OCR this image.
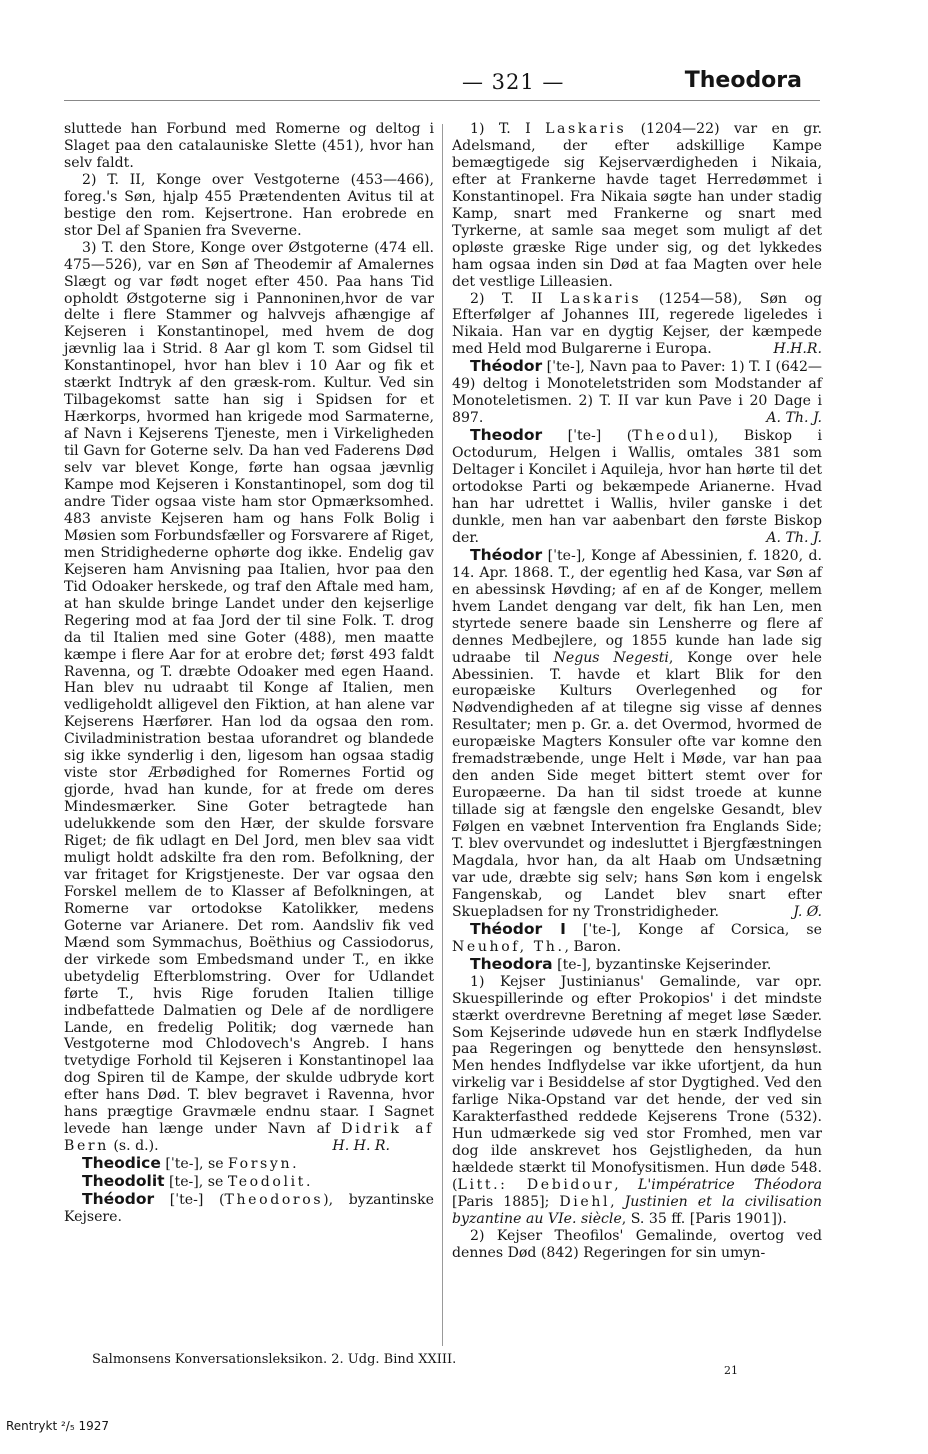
— 321 —	Theodora

sluttede han Forbund med Romerne og deltog i Slaget paa den catalauniske Slette (451), hvor han selv faldt.

2) T. II, Konge over Vestgoterne (453—466), foreg.'s Søn, hjalp 455 Prætendenten Avitus til at bestige den rom. Kejsertrone. Han erobrede en stor Del af Spanien fra Sveverne.

3) T. den Store, Konge over Østgoterne (474 ell. 475—526), var en Søn af Theodemir af Amalernes Slægt og var født noget efter 450. Paa hans Tid opholdt Østgoterne sig i Pannoninen,hvor de var delte i flere Stammer og halvvejs afhængige af Kejseren i Konstantinopel, med hvem de dog jævnlig laa i Strid. 8 Aar gl kom T. som Gidsel til Konstantinopel, hvor han blev i 10 Aar og fik et stærkt Indtryk af den græsk-rom. Kultur. Ved sin Tilbagekomst satte han sig i Spidsen for et Hærkorps, hvormed han krigede mod Sarmaterne, af Navn i Kejserens Tjeneste, men i Virkeligheden til Gavn for Goterne selv. Da han ved Faderens Død selv var blevet Konge, førte han ogsaa jævnlig Kampe mod Kejseren i Konstantinopel, som dog til andre Tider ogsaa viste ham stor Opmærksomhed. 483 anviste Kejseren ham og hans Folk Bolig i Møsien som Forbundsfæller og Forsvarere af Riget, men Stridighederne ophørte dog ikke. Endelig gav Kejseren ham Anvisning paa Italien, hvor paa den Tid Odoaker herskede, og traf den Aftale med ham, at han skulde bringe Landet under den kejserlige Regering mod at faa Jord der til sine Folk. T. drog da til Italien med sine Goter (488), men maatte kæmpe i flere Aar for at erobre det; først 493 faldt Ravenna, og T. dræbte Odoaker med egen Haand. Han blev nu udraabt til Konge af Italien, men vedligeholdt alligevel den Fiktion, at han alene var Kejserens Hærfører. Han lod da ogsaa den rom. Civiladministration bestaa uforandret og blandede sig ikke synderlig i den, ligesom han ogsaa stadig viste stor Ærbødighed for Romernes Fortid og gjorde, hvad han kunde, for at frede om deres Mindesmærker. Sine Goter betragtede han udelukkende som den Hær, der skulde forsvare Riget; de fik udlagt en Del Jord, men blev saa vidt muligt holdt adskilte fra den rom. Befolkning, der var fritaget for Krigstjeneste. Der var ogsaa den Forskel mellem de to Klasser af Befolkningen, at Romerne var ortodokse Katolikker, medens Goterne var Arianere. Det rom. Aandsliv fik ved Mænd som Symmachus, Boëthius og Cassiodorus, der virkede som Embedsmand under T., en ikke ubetydelig Efterblomstring. Over for Udlandet førte T., hvis Rige foruden Italien tillige indbefattede Dalmatien og Dele af de nordligere Lande, en fredelig Politik; dog værnede han Vestgoterne mod Chlodovech's Angreb. I hans tvetydige Forhold til Kejseren i Konstantinopel laa dog Spiren til de Kampe, der skulde udbryde kort efter hans Død. T. blev begravet i Ravenna, hvor hans prægtige Gravmæle endnu staar. I Sagnet levede han længe under Navn af Didrik af Bern (s. d.).	H. H. R.

Theodice [ˈte-], se Forsyn.

Theodolit [te-], se Teodolit.

Théodor [ˈte-] (Theodoros), byzantinske Kejsere.

1) T. I Laskaris (1204—22) var en gr. Adelsmand, der efter adskillige Kampe bemægtigede sig Kejserværdigheden i Nikaia, efter at Frankerne havde taget Herredømmet i Konstantinopel. Fra Nikaia søgte han under stadig Kamp, snart med Frankerne og snart med Tyrkerne, at samle saa meget som muligt af det opløste græske Rige under sig, og det lykkedes ham ogsaa inden sin Død at faa Magten over hele det vestlige Lilleasien.

2) T. II Laskaris (1254—58), Søn og Efterfølger af Johannes III, regerede ligeledes i Nikaia. Han var en dygtig Kejser, der kæmpede med Held mod Bulgarerne i Europa.	H.H.R.

Théodor [ˈte-], Navn paa to Paver: 1) T. I (642—49) deltog i Monoteletstriden som Modstander af Monoteletismen. 2) T. II var kun Pave i 20 Dage i 897.	A. Th. J.

Theodor [ˈte-] (Theodul), Biskop i Octodurum, Helgen i Wallis, omtales 381 som Deltager i Koncilet i Aquileja, hvor han hørte til det ortodokse Parti og bekæmpede Arianerne. Hvad han har udrettet i Wallis, hviler ganske i det dunkle, men han var aabenbart den første Biskop der.	A. Th. J.

Théodor [ˈte-], Konge af Abessinien, f. 1820, d. 14. Apr. 1868. T., der egentlig hed Kasa, var Søn af en abessinsk Høvding; af en af de Konger, mellem hvem Landet dengang var delt, fik han Len, men styrtede senere baade sin Lensherre og flere af dennes Medbejlere, og 1855 kunde han lade sig udraabe til Negus Negesti, Konge over hele Abessinien. T. havde et klart Blik for den europæiske Kulturs Overlegenhed og for Nødvendigheden af at tilegne sig visse af dennes Resultater; men p. Gr. a. det Overmod, hvormed de europæiske Magters Konsuler ofte var komne den fremadstræbende, unge Helt i Møde, var han paa den anden Side meget bittert stemt over for Europæerne. Da han til sidst troede at kunne tillade sig at fængsle den engelske Gesandt, blev Følgen en væbnet Intervention fra Englands Side; T. blev overvundet og indesluttet i Bjergfæstningen Magdala, hvor han, da alt Haab om Undsætning var ude, dræbte sig selv; hans Søn kom i engelsk Fangenskab, og Landet blev snart efter Skuepladsen for ny Tronstridigheder.	J. Ø.

Théodor I [ˈte-], Konge af Corsica, se Neuhof, Th., Baron.

Theodora [te-], byzantinske Kejserinder.

1) Kejser Justinianus' Gemalinde, var opr. Skuespillerinde og efter Prokopios' i det mindste stærkt overdrevne Beretning af meget løse Sæder. Som Kejserinde udøvede hun en stærk Indflydelse paa Regeringen og benyttede den hensynsløst. Men hendes Indflydelse var ikke ufortjent, da hun virkelig var i Besiddelse af stor Dygtighed. Ved den farlige Nika-Opstand var det hende, der ved sin Karakterfasthed reddede Kejserens Trone (532). Hun udmærkede sig ved stor Fromhed, men var dog ilde anskrevet hos Gejstligheden, da hun hældede stærkt til Monofysitismen. Hun døde 548. (Litt.: Debidour, L'impératrice Théodora [Paris 1885]; Diehl, Justinien et la civilisation byzantine au VIe. siècle, S. 35 ff. [Paris 1901]).

2) Kejser Theofilos' Gemalinde, overtog ved dennes Død (842) Regeringen for sin umyn-

Salmonsens Konversationsleksikon. 2. Udg. Bind XXIII.
21
Rentrykt ²/₅ 1927
